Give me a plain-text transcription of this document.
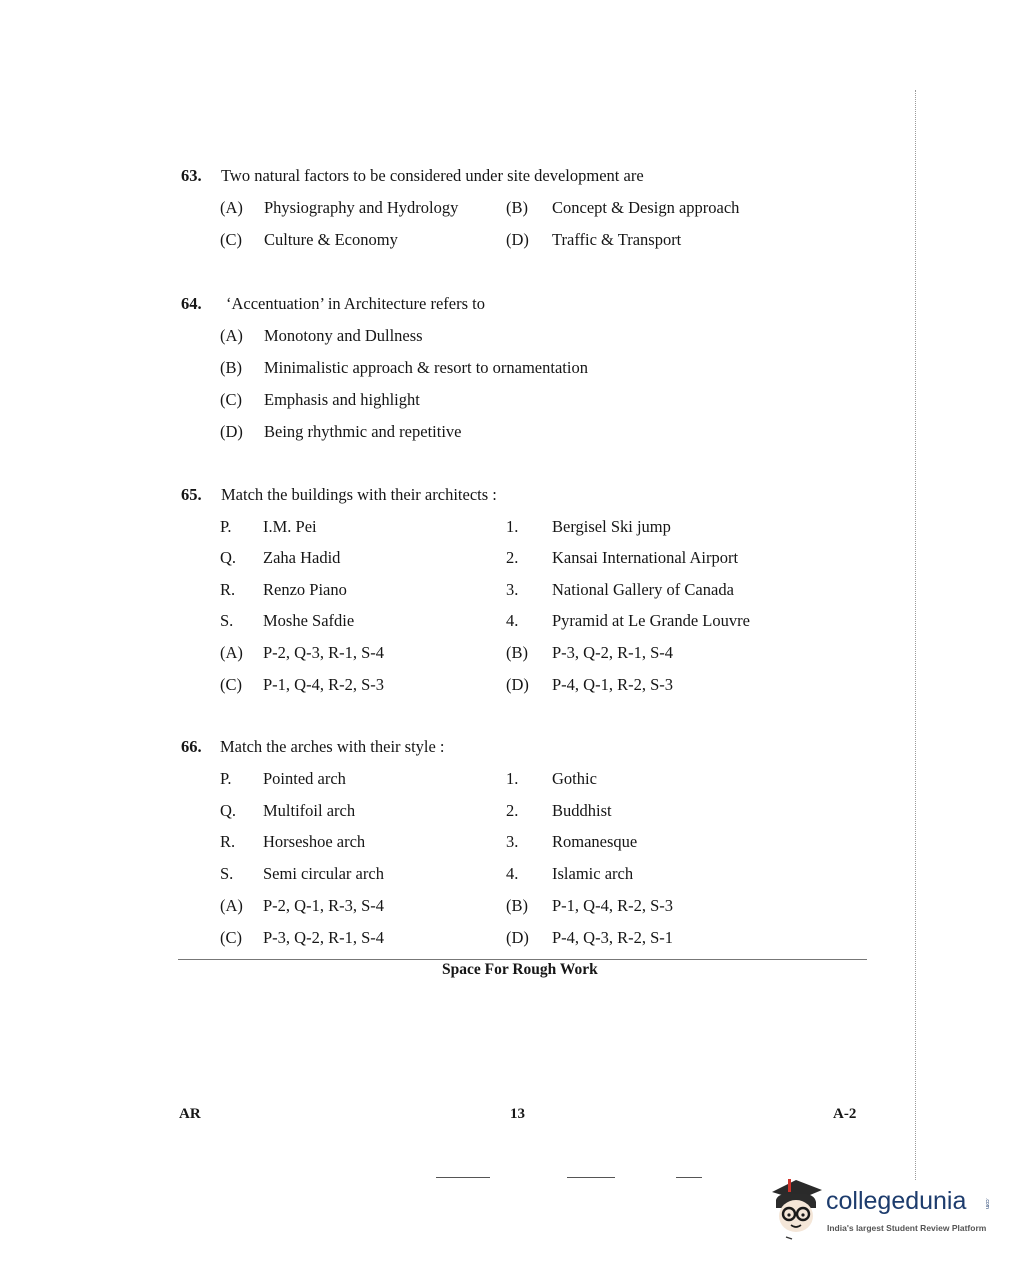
63. Two natural factors to be considered under site development are
(A) Physiography and Hydrology	(B) Concept & Design approach
(C) Culture & Economy	(D) Traffic & Transport
64. ‘Accentuation’ in Architecture refers to
(A) Monotony and Dullness
(B) Minimalistic approach & resort to ornamentation
(C) Emphasis and highlight
(D) Being rhythmic and repetitive
65. Match the buildings with their architects :
P. I.M. Pei	1. Bergisel Ski jump
Q. Zaha Hadid	2. Kansai International Airport
R. Renzo Piano	3. National Gallery of Canada
S. Moshe Safdie	4. Pyramid at Le Grande Louvre
(A) P-2, Q-3, R-1, S-4	(B) P-3, Q-2, R-1, S-4
(C) P-1, Q-4, R-2, S-3	(D) P-4, Q-1, R-2, S-3
66. Match the arches with their style :
P. Pointed arch	1. Gothic
Q. Multifoil arch	2. Buddhist
R. Horseshoe arch	3. Romanesque
S. Semi circular arch	4. Islamic arch
(A) P-2, Q-1, R-3, S-4	(B) P-1, Q-4, R-2, S-3
(C) P-3, Q-2, R-1, S-4	(D) P-4, Q-3, R-2, S-1
Space For Rough Work
AR	13	A-2
collegedunia	.com
India's largest Student Review Platform
